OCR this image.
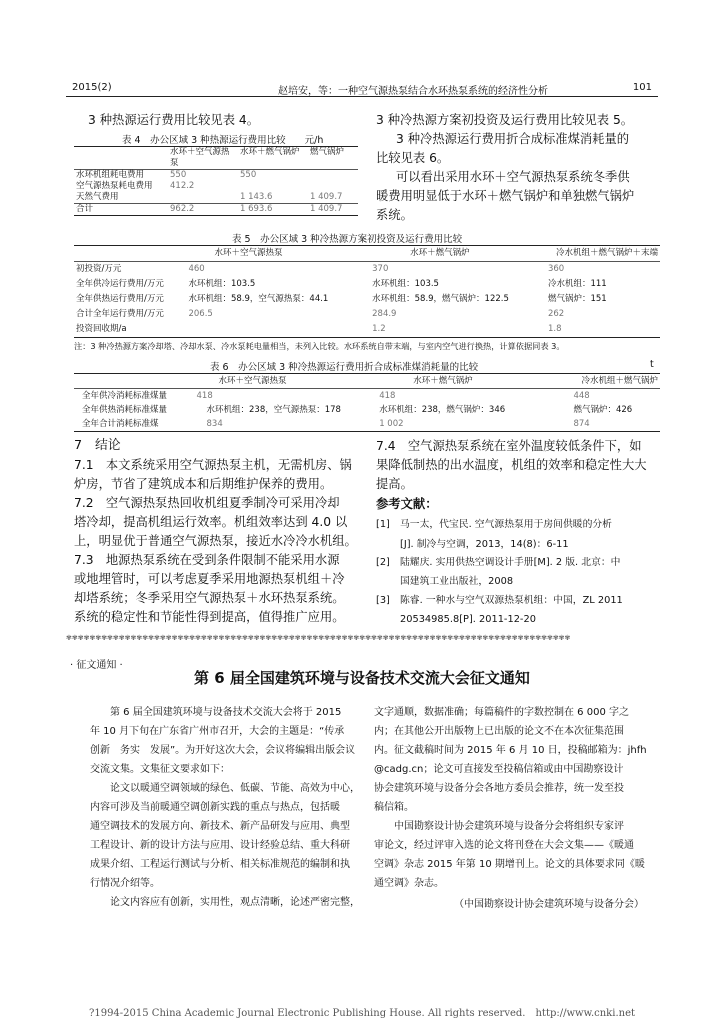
2015(2)	赵培安，等：一种空气源热泵结合水环热泵系统的经济性分析	101
3 种热源运行费用比较见表 4。
表 4　办公区域 3 种热源运行费用比较　　元/h
	水环＋空气源热泵	水环＋燃气锅炉	燃气锅炉
水环机组耗电费用	550	550	
空气源热泵耗电费用	412.2		
天然气费用		1 143.6	1 409.7
合计	962.2	1 693.6	1 409.7
3 种冷热源方案初投资及运行费用比较见表 5。
3 种冷热源运行费用折合成标准煤消耗量的
比较见表 6。
可以看出采用水环＋空气源热泵系统冬季供
暖费用明显低于水环＋燃气锅炉和单独燃气锅炉
系统。
表 5　办公区域 3 种冷热源方案初投资及运行费用比较
	水环＋空气源热泵	水环＋燃气锅炉	冷水机组＋燃气锅炉＋末端
初投资/万元	460	370	360
全年供冷运行费用/万元	水环机组：103.5	水环机组：103.5	冷水机组：111
全年供热运行费用/万元	水环机组：58.9，空气源热泵：44.1	水环机组：58.9，燃气锅炉：122.5	燃气锅炉：151
合计全年运行费用/万元	206.5	284.9	262
投资回收期/a		1.2	1.8
注：3 种冷热源方案冷却塔、冷却水泵、冷水泵耗电量相当，未列入比较。水环系统自带末端，与室内空气进行换热，计算依据同表 3。
表 6　办公区域 3 种冷热源运行费用折合成标准煤消耗量的比较	t
	水环＋空气源热泵	水环＋燃气锅炉	冷水机组＋燃气锅炉
全年供冷消耗标准煤量	418	418	448
全年供热消耗标准煤量	水环机组：238，空气源热泵：178	水环机组：238，燃气锅炉：346	燃气锅炉：426
全年合计消耗标准煤	834	1 002	874
7　结论
7.1　本文系统采用空气源热泵主机，无需机房、锅
炉房，节省了建筑成本和后期维护保养的费用。
7.2　空气源热泵热回收机组夏季制冷可采用冷却
塔冷却，提高机组运行效率。机组效率达到 4.0 以
上，明显优于普通空气源热泵，接近水冷冷水机组。
7.3　地源热泵系统在受到条件限制不能采用水源
或地埋管时，可以考虑夏季采用地源热泵机组＋冷
却塔系统；冬季采用空气源热泵＋水环热泵系统。
系统的稳定性和节能性得到提高，值得推广应用。
7.4　空气源热泵系统在室外温度较低条件下，如
果降低制热的出水温度，机组的效率和稳定性大大
提高。
参考文献：
[1] 马一太，代宝民. 空气源热泵用于房间供暖的分析
[J]. 制冷与空调，2013，14(8)：6-11
[2] 陆耀庆. 实用供热空调设计手册[M]. 2 版. 北京：中
国建筑工业出版社，2008
[3] 陈睿. 一种水与空气双源热泵机组：中国，ZL 2011
20534985.8[P]. 2011-12-20
✾✾✾✾✾✾✾✾✾✾✾✾✾✾✾✾✾✾✾✾✾✾✾✾✾✾✾✾✾✾✾✾✾✾✾✾✾✾✾✾✾✾✾✾✾✾✾✾✾✾✾✾✾✾✾✾✾✾✾✾✾✾✾✾✾✾✾✾✾✾✾✾✾✾✾✾✾✾✾✾✾✾✾✾✾✾
· 征文通知 ·
第 6 届全国建筑环境与设备技术交流大会征文通知
　　第 6 届全国建筑环境与设备技术交流大会将于 2015
年 10 月下旬在广东省广州市召开，大会的主题是：“传承
创新　务实　发展”。为开好这次大会，会议将编辑出版会议
交流文集。文集征文要求如下：
　　论文以暖通空调领域的绿色、低碳、节能、高效为中心，
内容可涉及当前暖通空调创新实践的重点与热点，包括暖
通空调技术的发展方向、新技术、新产品研发与应用、典型
工程设计、新的设计方法与应用、设计经验总结、重大科研
成果介绍、工程运行测试与分析、相关标准规范的编制和执
行情况介绍等。
　　论文内容应有创新，实用性，观点清晰，论述严密完整，
文字通顺，数据准确；每篇稿件的字数控制在 6 000 字之
内；在其他公开出版物上已出版的论文不在本次征集范围
内。征文截稿时间为 2015 年 6 月 10 日，投稿邮箱为：jhfh
@cadg.cn；论文可直接发至投稿信箱或由中国勘察设计
协会建筑环境与设备分会各地方委员会推荐，统一发至投
稿信箱。
　　中国勘察设计协会建筑环境与设备分会将组织专家评
审论文，经过评审入选的论文将刊登在大会文集——《暖通
空调》杂志 2015 年第 10 期增刊上。论文的具体要求同《暖
通空调》杂志。
（中国勘察设计协会建筑环境与设备分会）
?1994-2015 China Academic Journal Electronic Publishing House. All rights reserved.　http://www.cnki.net
